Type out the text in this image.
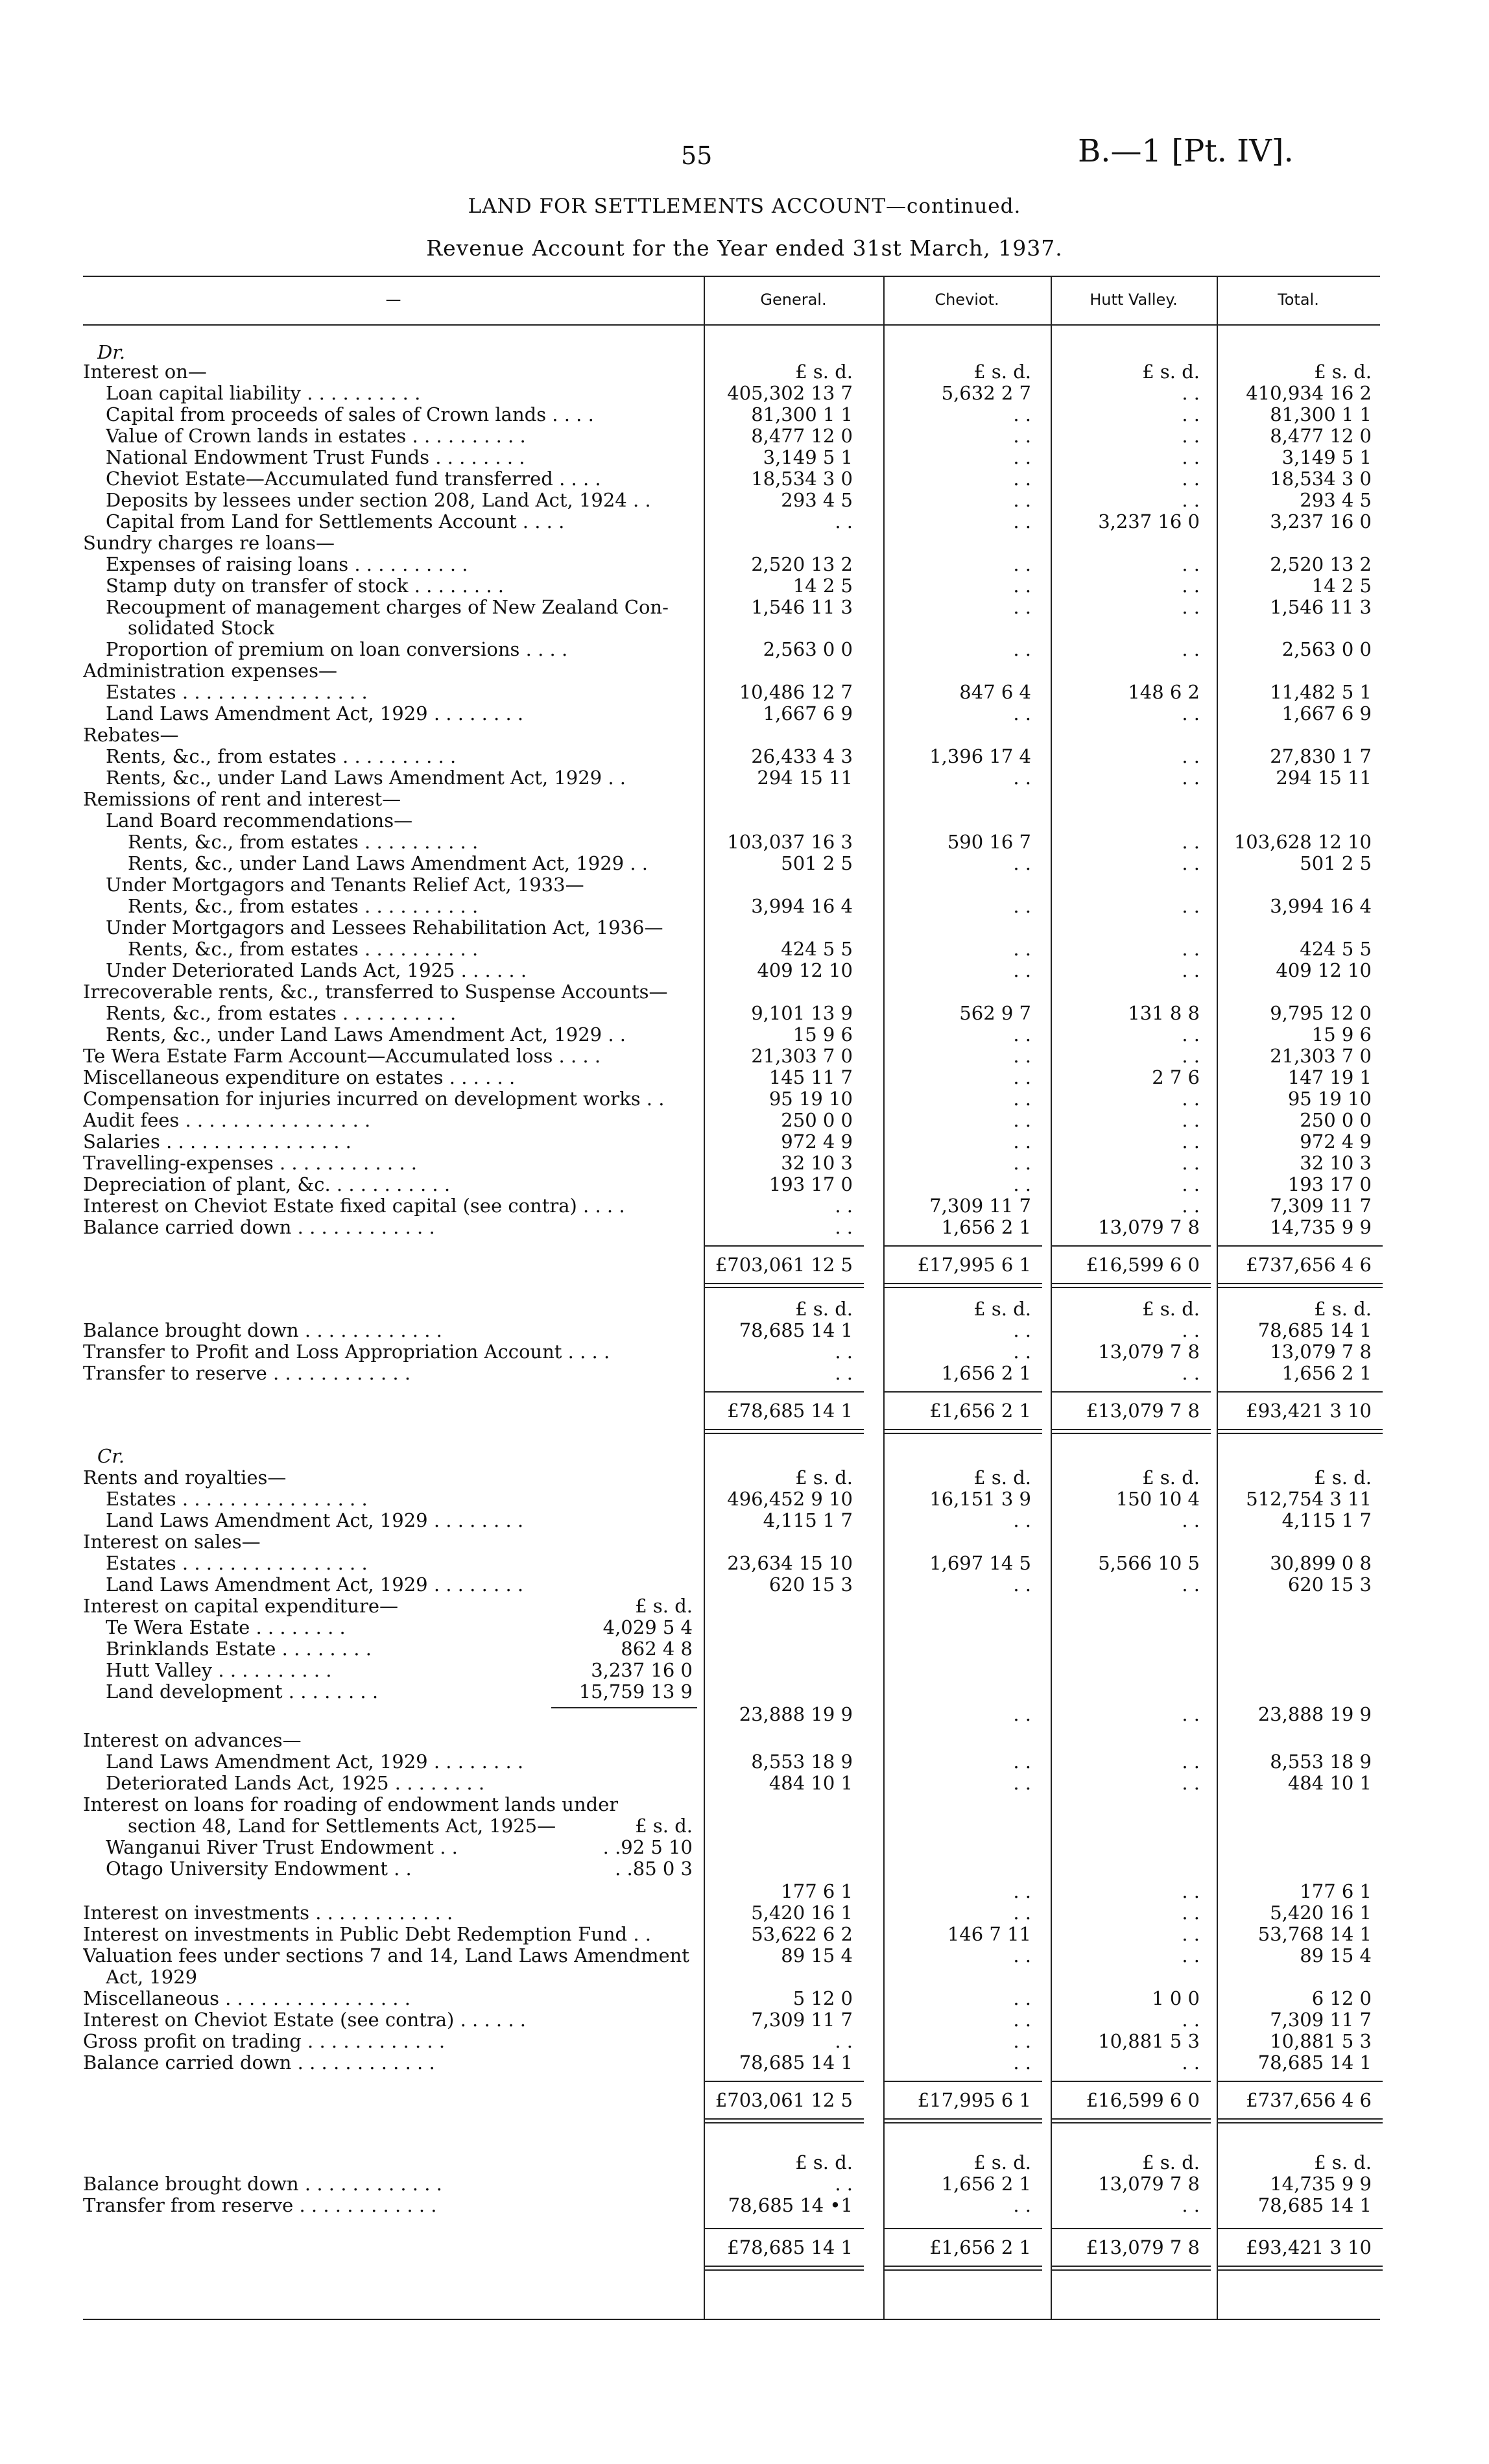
55	B.—1 [Pt. IV].
LAND FOR SETTLEMENTS ACCOUNT—continued.
Revenue Account for the Year ended 31st March, 1937.
—	General.	Cheviot.	Hutt Valley.	Total.
Dr.
Interest on—	£ s. d.	£ s. d.	£ s. d.	£ s. d.
Loan capital liability . . . . . . . . . .	405,302 13 7	5,632 2 7	. .	410,934 16 2
Capital from proceeds of sales of Crown lands . . . .	81,300 1 1	. .	. .	81,300 1 1
Value of Crown lands in estates . . . . . . . . . .	8,477 12 0	. .	. .	8,477 12 0
National Endowment Trust Funds . . . . . . . .	3,149 5 1	. .	. .	3,149 5 1
Cheviot Estate—Accumulated fund transferred . . . .	18,534 3 0	. .	. .	18,534 3 0
Deposits by lessees under section 208, Land Act, 1924 . .	293 4 5	. .	. .	293 4 5
Capital from Land for Settlements Account . . . .	. .	. .	3,237 16 0	3,237 16 0
Sundry charges re loans—
Expenses of raising loans . . . . . . . . . .	2,520 13 2	. .	. .	2,520 13 2
Stamp duty on transfer of stock . . . . . . . .	14 2 5	. .	. .	14 2 5
Recoupment of management charges of New Zealand Con-	1,546 11 3	. .	. .	1,546 11 3
solidated Stock
Proportion of premium on loan conversions . . . .	2,563 0 0	. .	. .	2,563 0 0
Administration expenses—
Estates . . . . . . . . . . . . . . . .	10,486 12 7	847 6 4	148 6 2	11,482 5 1
Land Laws Amendment Act, 1929 . . . . . . . .	1,667 6 9	. .	. .	1,667 6 9
Rebates—
Rents, &c., from estates . . . . . . . . . .	26,433 4 3	1,396 17 4	. .	27,830 1 7
Rents, &c., under Land Laws Amendment Act, 1929 . .	294 15 11	. .	. .	294 15 11
Remissions of rent and interest—
Land Board recommendations—
Rents, &c., from estates . . . . . . . . . .	103,037 16 3	590 16 7	. .	103,628 12 10
Rents, &c., under Land Laws Amendment Act, 1929 . .	501 2 5	. .	. .	501 2 5
Under Mortgagors and Tenants Relief Act, 1933—
Rents, &c., from estates . . . . . . . . . .	3,994 16 4	. .	. .	3,994 16 4
Under Mortgagors and Lessees Rehabilitation Act, 1936—
Rents, &c., from estates . . . . . . . . . .	424 5 5	. .	. .	424 5 5
Under Deteriorated Lands Act, 1925 . . . . . .	409 12 10	. .	. .	409 12 10
Irrecoverable rents, &c., transferred to Suspense Accounts—
Rents, &c., from estates . . . . . . . . . .	9,101 13 9	562 9 7	131 8 8	9,795 12 0
Rents, &c., under Land Laws Amendment Act, 1929 . .	15 9 6	. .	. .	15 9 6
Te Wera Estate Farm Account—Accumulated loss . . . .	21,303 7 0	. .	. .	21,303 7 0
Miscellaneous expenditure on estates . . . . . .	145 11 7	. .	2 7 6	147 19 1
Compensation for injuries incurred on development works . .	95 19 10	. .	. .	95 19 10
Audit fees . . . . . . . . . . . . . . . .	250 0 0	. .	. .	250 0 0
Salaries . . . . . . . . . . . . . . . .	972 4 9	. .	. .	972 4 9
Travelling-expenses . . . . . . . . . . . .	32 10 3	. .	. .	32 10 3
Depreciation of plant, &c. . . . . . . . . . .	193 17 0	. .	. .	193 17 0
Interest on Cheviot Estate fixed capital (see contra) . . . .	. .	7,309 11 7	. .	7,309 11 7
Balance carried down . . . . . . . . . . . .	. .	1,656 2 1	13,079 7 8	14,735 9 9
£703,061 12 5	£17,995 6 1	£16,599 6 0	£737,656 4 6
£ s. d.	£ s. d.	£ s. d.	£ s. d.
Balance brought down . . . . . . . . . . . .	78,685 14 1	. .	. .	78,685 14 1
Transfer to Profit and Loss Appropriation Account . . . .	. .	. .	13,079 7 8	13,079 7 8
Transfer to reserve . . . . . . . . . . . .	. .	1,656 2 1	. .	1,656 2 1
£78,685 14 1	£1,656 2 1	£13,079 7 8	£93,421 3 10
Cr.
Rents and royalties—	£ s. d.	£ s. d.	£ s. d.	£ s. d.
Estates . . . . . . . . . . . . . . . .	496,452 9 10	16,151 3 9	150 10 4	512,754 3 11
Land Laws Amendment Act, 1929 . . . . . . . .	4,115 1 7	. .	. .	4,115 1 7
Interest on sales—
Estates . . . . . . . . . . . . . . . .	23,634 15 10	1,697 14 5	5,566 10 5	30,899 0 8
Land Laws Amendment Act, 1929 . . . . . . . .	620 15 3	. .	. .	620 15 3
Interest on capital expenditure—	£ s. d.
Te Wera Estate . . . . . . . .	4,029 5 4
Brinklands Estate . . . . . . . .	862 4 8
Hutt Valley . . . . . . . . . .	3,237 16 0
Land development . . . . . . . .	15,759 13 9
23,888 19 9	. .	. .	23,888 19 9
Interest on advances—
Land Laws Amendment Act, 1929 . . . . . . . .	8,553 18 9	. .	. .	8,553 18 9
Deteriorated Lands Act, 1925 . . . . . . . .	484 10 1	. .	. .	484 10 1
Interest on loans for roading of endowment lands under
section 48, Land for Settlements Act, 1925—	£ s. d.
Wanganui River Trust Endowment . .	. .92 5 10
Otago University Endowment . .	. .85 0 3
177 6 1	. .	. .	177 6 1
Interest on investments . . . . . . . . . . . .	5,420 16 1	. .	. .	5,420 16 1
Interest on investments in Public Debt Redemption Fund . .	53,622 6 2	146 7 11	. .	53,768 14 1
Valuation fees under sections 7 and 14, Land Laws Amendment	89 15 4	. .	. .	89 15 4
Act, 1929
Miscellaneous . . . . . . . . . . . . . . . .	5 12 0	. .	1 0 0	6 12 0
Interest on Cheviot Estate (see contra) . . . . . .	7,309 11 7	. .	. .	7,309 11 7
Gross profit on trading . . . . . . . . . . . .	. .	. .	10,881 5 3	10,881 5 3
Balance carried down . . . . . . . . . . . .	78,685 14 1	. .	. .	78,685 14 1
£703,061 12 5	£17,995 6 1	£16,599 6 0	£737,656 4 6
£ s. d.	£ s. d.	£ s. d.	£ s. d.
Balance brought down . . . . . . . . . . . .	. .	1,656 2 1	13,079 7 8	14,735 9 9
Transfer from reserve . . . . . . . . . . . .	78,685 14 •1	. .	. .	78,685 14 1
£78,685 14 1	£1,656 2 1	£13,079 7 8	£93,421 3 10
